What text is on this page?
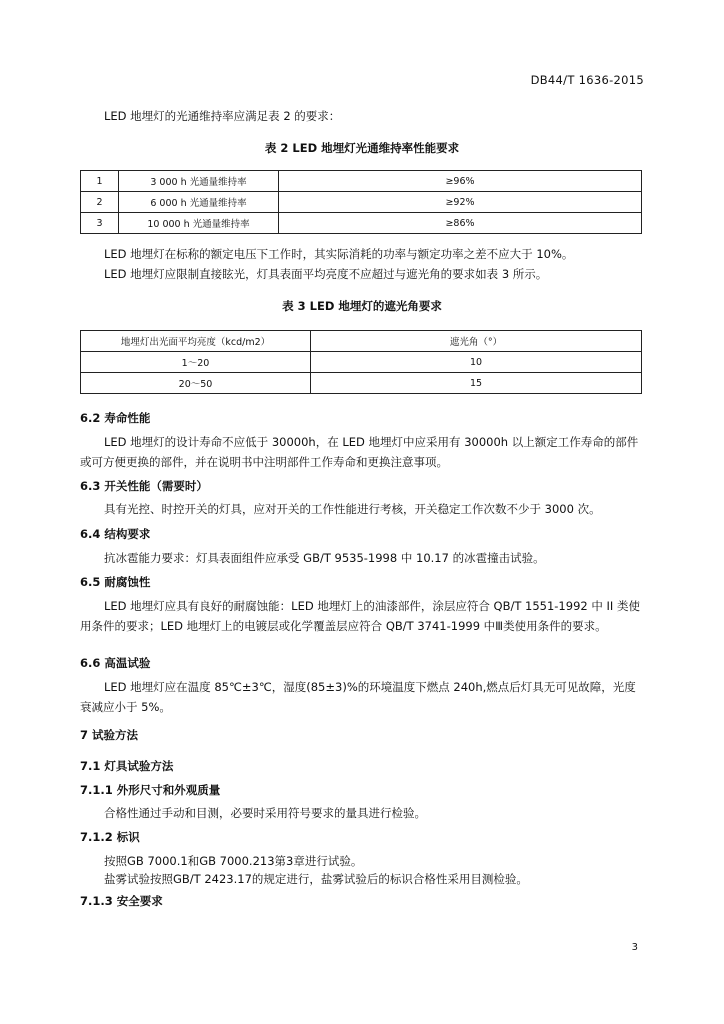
DB44/T 1636-2015
LED 地埋灯的光通维持率应满足表 2 的要求：
表 2 LED 地埋灯光通维持率性能要求
1	3 000 h 光通量维持率	≥96%
2	6 000 h 光通量维持率	≥92%
3	10 000 h 光通量维持率	≥86%
LED 地埋灯在标称的额定电压下工作时，其实际消耗的功率与额定功率之差不应大于 10%。
LED 地埋灯应限制直接眩光，灯具表面平均亮度不应超过与遮光角的要求如表 3 所示。
表 3 LED 地埋灯的遮光角要求
地埋灯出光面平均亮度（kcd/m2）	遮光角（°）
1～20	10
20～50	15
6.2 寿命性能
LED 地埋灯的设计寿命不应低于 30000h，在 LED 地埋灯中应采用有 30000h 以上额定工作寿命的部件或可方便更换的部件，并在说明书中注明部件工作寿命和更换注意事项。
6.3 开关性能（需要时）
具有光控、时控开关的灯具，应对开关的工作性能进行考核，开关稳定工作次数不少于 3000 次。
6.4 结构要求
抗冰雹能力要求：灯具表面组件应承受 GB/T 9535-1998 中 10.17 的冰雹撞击试验。
6.5 耐腐蚀性
LED 地埋灯应具有良好的耐腐蚀能：LED 地埋灯上的油漆部件，涂层应符合 QB/T 1551-1992 中 II 类使用条件的要求；LED 地埋灯上的电镀层或化学覆盖层应符合 QB/T 3741-1999 中Ⅲ类使用条件的要求。
6.6 高温试验
LED 地埋灯应在温度 85℃±3℃，湿度(85±3)%的环境温度下燃点 240h,燃点后灯具无可见故障，光度衰减应小于 5%。
7 试验方法
7.1 灯具试验方法
7.1.1 外形尺寸和外观质量
合格性通过手动和目测，必要时采用符号要求的量具进行检验。
7.1.2 标识
按照GB 7000.1和GB 7000.213第3章进行试验。
盐雾试验按照GB/T 2423.17的规定进行，盐雾试验后的标识合格性采用目测检验。
7.1.3 安全要求
3
